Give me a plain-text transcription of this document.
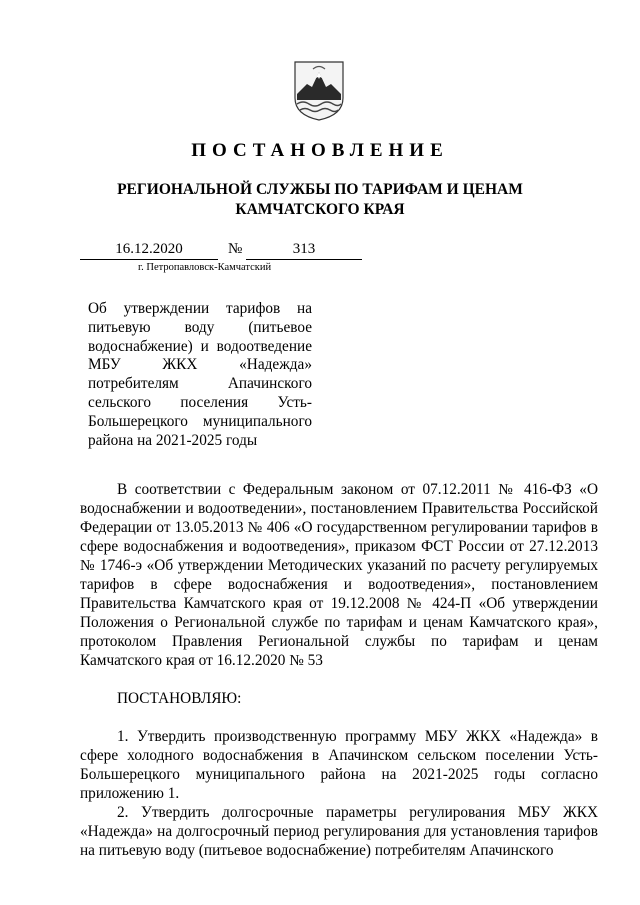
ПОСТАНОВЛЕНИЕ
РЕГИОНАЛЬНОЙ СЛУЖБЫ ПО ТАРИФАМ И ЦЕНАМ КАМЧАТСКОГО КРАЯ
16.12.2020	№	313
г. Петропавловск-Камчатский

Об утверждении тарифов на питьевую воду (питьевое водоснабжение) и водоотведение МБУ ЖКХ «Надежда» потребителям Апачинского сельского поселения Усть-Большерецкого муниципального района на 2021-2025 годы

В соответствии с Федеральным законом от 07.12.2011 № 416-ФЗ «О водоснабжении и водоотведении», постановлением Правительства Российской Федерации от 13.05.2013 № 406 «О государственном регулировании тарифов в сфере водоснабжения и водоотведения», приказом ФСТ России от 27.12.2013 № 1746-э «Об утверждении Методических указаний по расчету регулируемых тарифов в сфере водоснабжения и водоотведения», постановлением Правительства Камчатского края от 19.12.2008 № 424-П «Об утверждении Положения о Региональной службе по тарифам и ценам Камчатского края», протоколом Правления Региональной службы по тарифам и ценам Камчатского края от 16.12.2020 № 53

ПОСТАНОВЛЯЮ:

1. Утвердить производственную программу МБУ ЖКХ «Надежда» в сфере холодного водоснабжения в Апачинском сельском поселении Усть-Большерецкого муниципального района на 2021-2025 годы согласно приложению 1.

2. Утвердить долгосрочные параметры регулирования МБУ ЖКХ «Надежда» на долгосрочный период регулирования для установления тарифов на питьевую воду (питьевое водоснабжение) потребителям Апачинского
